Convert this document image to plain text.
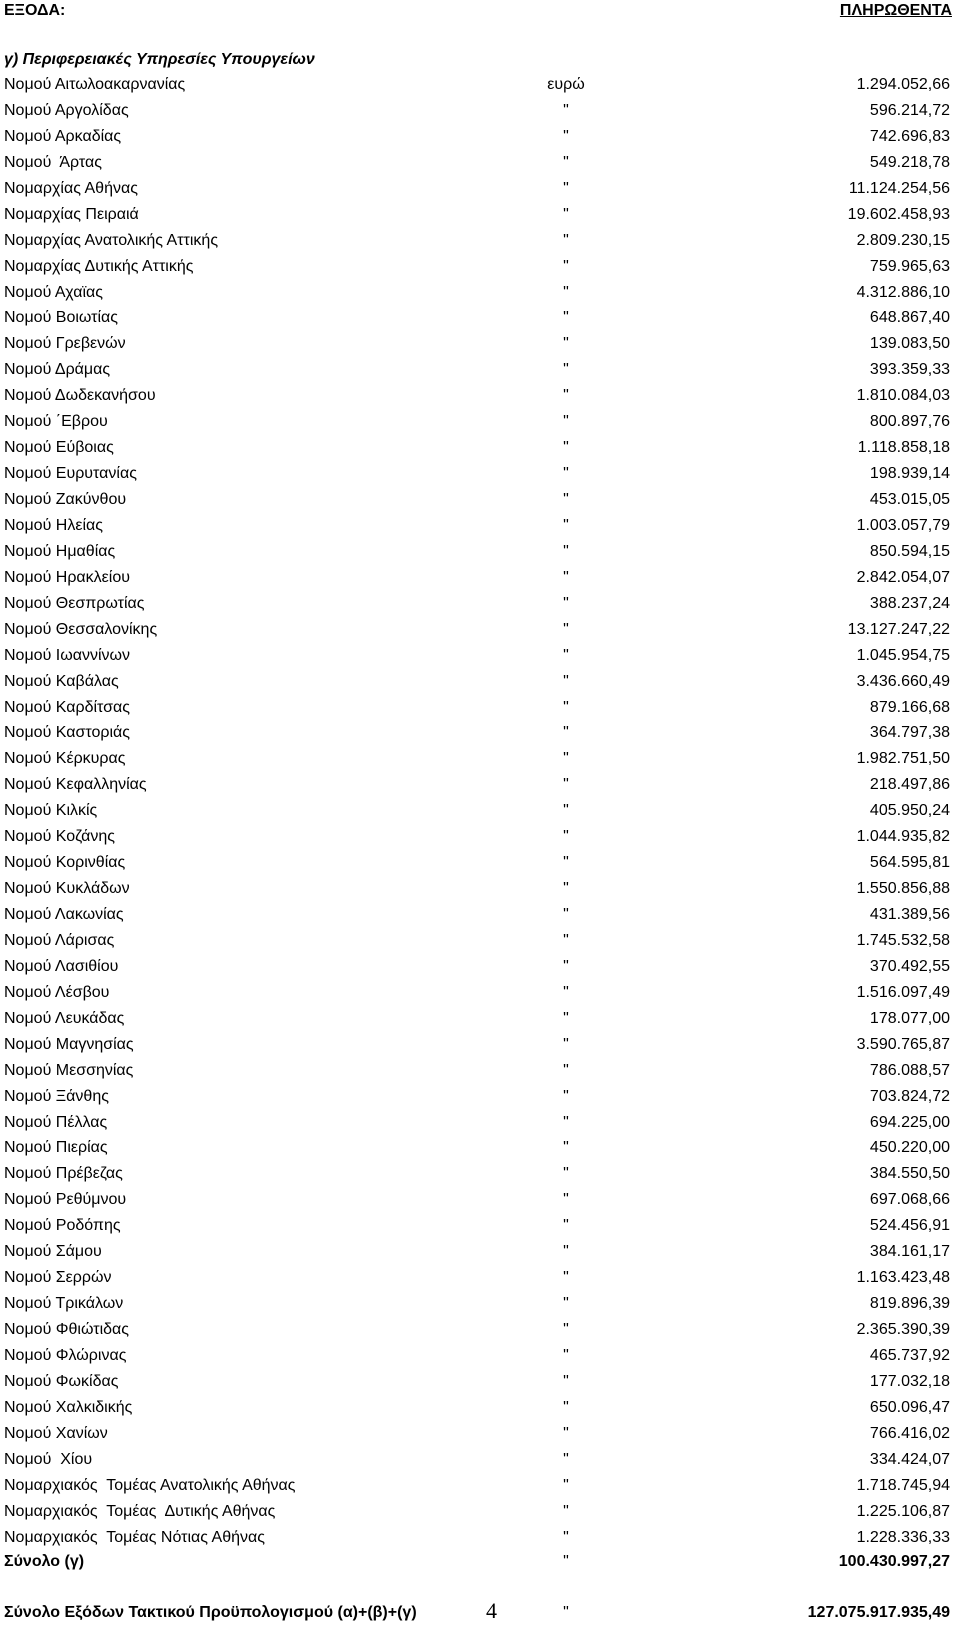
ΕΞΟΔΑ:	ΠΛΗΡΩΘΕΝΤΑ
γ) Περιφερειακές Υπηρεσίες Υπουργείων
Νομού Αιτωλοακαρνανίας	ευρώ	1.294.052,66
Νομού Αργολίδας	"	596.214,72
Νομού Αρκαδίας	"	742.696,83
Νομού  Άρτας	"	549.218,78
Νομαρχίας Αθήνας	"	11.124.254,56
Νομαρχίας Πειραιά	"	19.602.458,93
Νομαρχίας Ανατολικής Αττικής	"	2.809.230,15
Νομαρχίας Δυτικής Αττικής	"	759.965,63
Νομού Αχαϊας	"	4.312.886,10
Νομού Βοιωτίας	"	648.867,40
Νομού Γρεβενών	"	139.083,50
Νομού Δράμας	"	393.359,33
Νομού Δωδεκανήσου	"	1.810.084,03
Νομού ΄Εβρου	"	800.897,76
Νομού Εύβοιας	"	1.118.858,18
Νομού Ευρυτανίας	"	198.939,14
Νομού Ζακύνθου	"	453.015,05
Νομού Ηλείας	"	1.003.057,79
Νομού Ημαθίας	"	850.594,15
Νομού Ηρακλείου	"	2.842.054,07
Νομού Θεσπρωτίας	"	388.237,24
Νομού Θεσσαλονίκης	"	13.127.247,22
Νομού Ιωαννίνων	"	1.045.954,75
Νομού Καβάλας	"	3.436.660,49
Νομού Καρδίτσας	"	879.166,68
Νομού Καστοριάς	"	364.797,38
Νομού Κέρκυρας	"	1.982.751,50
Νομού Κεφαλληνίας	"	218.497,86
Νομού Κιλκίς	"	405.950,24
Νομού Κοζάνης	"	1.044.935,82
Νομού Κορινθίας	"	564.595,81
Νομού Κυκλάδων	"	1.550.856,88
Νομού Λακωνίας	"	431.389,56
Νομού Λάρισας	"	1.745.532,58
Νομού Λασιθίου	"	370.492,55
Νομού Λέσβου	"	1.516.097,49
Νομού Λευκάδας	"	178.077,00
Νομού Μαγνησίας	"	3.590.765,87
Νομού Μεσσηνίας	"	786.088,57
Νομού Ξάνθης	"	703.824,72
Νομού Πέλλας	"	694.225,00
Νομού Πιερίας	"	450.220,00
Νομού Πρέβεζας	"	384.550,50
Νομού Ρεθύμνου	"	697.068,66
Νομού Ροδόπης	"	524.456,91
Νομού Σάμου	"	384.161,17
Νομού Σερρών	"	1.163.423,48
Νομού Τρικάλων	"	819.896,39
Νομού Φθιώτιδας	"	2.365.390,39
Νομού Φλώρινας	"	465.737,92
Νομού Φωκίδας	"	177.032,18
Νομού Χαλκιδικής	"	650.096,47
Νομού Χανίων	"	766.416,02
Νομού  Χίου	"	334.424,07
Νομαρχιακός  Τομέας Ανατολικής Αθήνας	"	1.718.745,94
Νομαρχιακός  Τομέας  Δυτικής Αθήνας	"	1.225.106,87
Νομαρχιακός  Τομέας Νότιας Αθήνας	"	1.228.336,33
Σύνολο (γ)	"	100.430.997,27
Σύνολο Εξόδων Τακτικού Προϋπολογισμού (α)+(β)+(γ)	4	"	127.075.917.935,49
